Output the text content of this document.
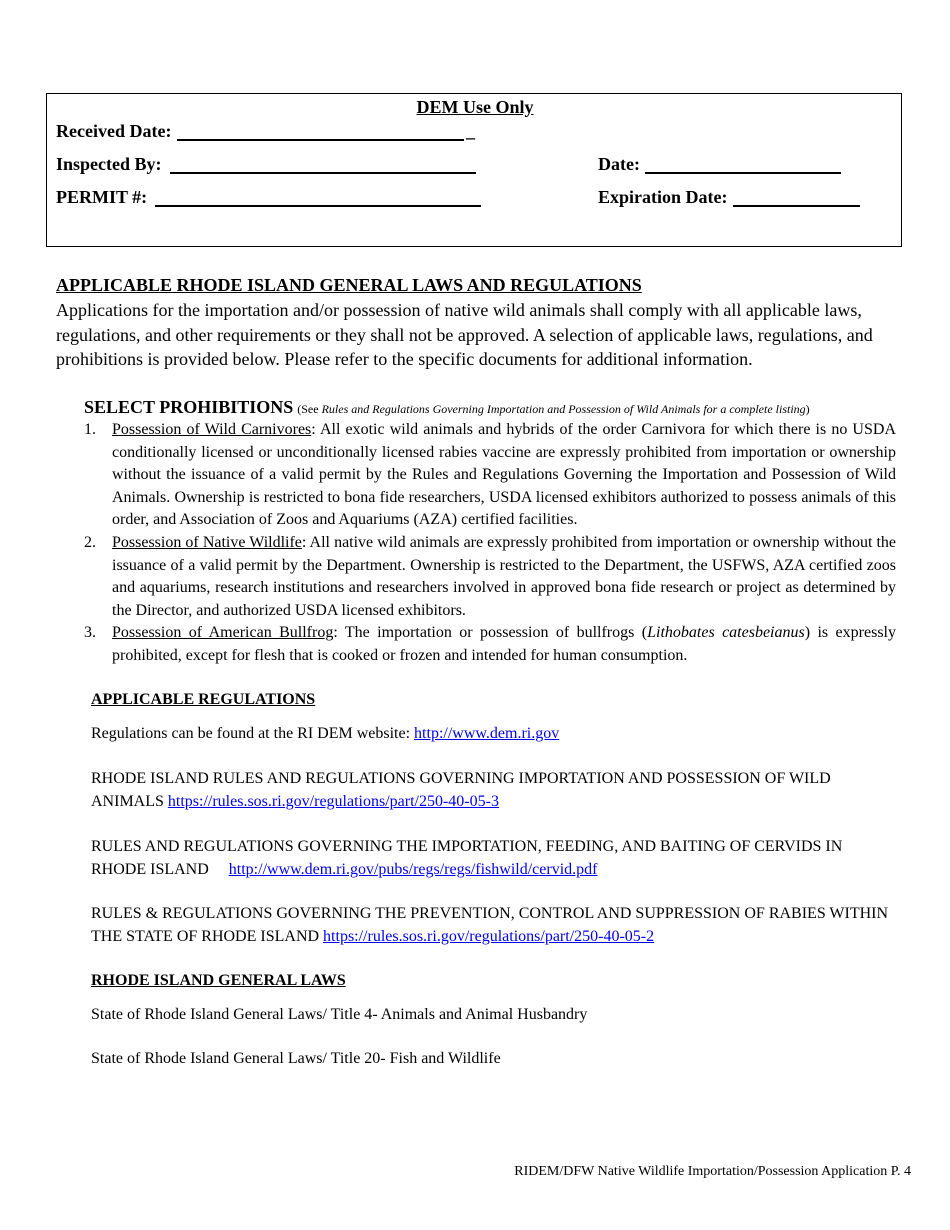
DEM Use Only
Received Date:	_
Inspected By:	Date:
PERMIT #:	Expiration Date:
APPLICABLE RHODE ISLAND GENERAL LAWS AND REGULATIONS
Applications for the importation and/or possession of native wild animals shall comply with all applicable laws, regulations, and other requirements or they shall not be approved. A selection of applicable laws, regulations, and prohibitions is provided below. Please refer to the specific documents for additional information.
SELECT PROHIBITIONS (See Rules and Regulations Governing Importation and Possession of Wild Animals for a complete listing)
1. Possession of Wild Carnivores: All exotic wild animals and hybrids of the order Carnivora for which there is no USDA conditionally licensed or unconditionally licensed rabies vaccine are expressly prohibited from importation or ownership without the issuance of a valid permit by the Rules and Regulations Governing the Importation and Possession of Wild Animals. Ownership is restricted to bona fide researchers, USDA licensed exhibitors authorized to possess animals of this order, and Association of Zoos and Aquariums (AZA) certified facilities.
2. Possession of Native Wildlife: All native wild animals are expressly prohibited from importation or ownership without the issuance of a valid permit by the Department. Ownership is restricted to the Department, the USFWS, AZA certified zoos and aquariums, research institutions and researchers involved in approved bona fide research or project as determined by the Director, and authorized USDA licensed exhibitors.
3. Possession of American Bullfrog: The importation or possession of bullfrogs (Lithobates catesbeianus) is expressly prohibited, except for flesh that is cooked or frozen and intended for human consumption.
APPLICABLE REGULATIONS
Regulations can be found at the RI DEM website: http://www.dem.ri.gov
RHODE ISLAND RULES AND REGULATIONS GOVERNING IMPORTATION AND POSSESSION OF WILD ANIMALS https://rules.sos.ri.gov/regulations/part/250-40-05-3
RULES AND REGULATIONS GOVERNING THE IMPORTATION, FEEDING, AND BAITING OF CERVIDS IN RHODE ISLAND http://www.dem.ri.gov/pubs/regs/regs/fishwild/cervid.pdf
RULES & REGULATIONS GOVERNING THE PREVENTION, CONTROL AND SUPPRESSION OF RABIES WITHIN THE STATE OF RHODE ISLAND https://rules.sos.ri.gov/regulations/part/250-40-05-2
RHODE ISLAND GENERAL LAWS
State of Rhode Island General Laws/ Title 4- Animals and Animal Husbandry
State of Rhode Island General Laws/ Title 20- Fish and Wildlife
RIDEM/DFW Native Wildlife Importation/Possession Application P. 4
